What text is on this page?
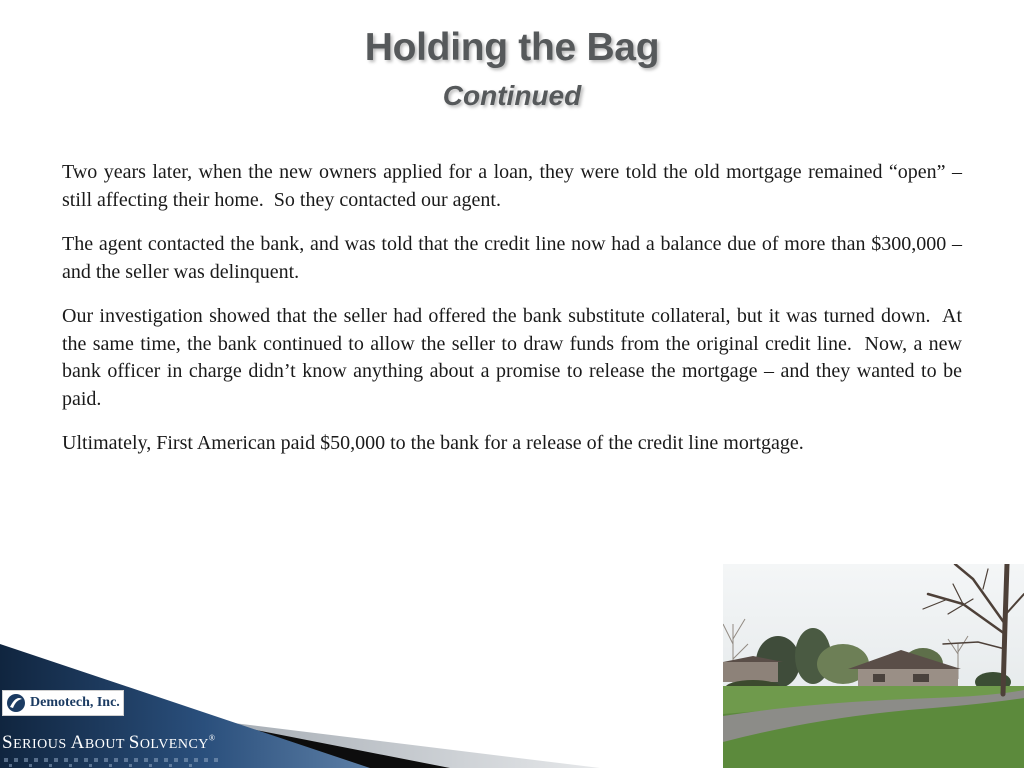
Holding the Bag
Continued

Two years later, when the new owners applied for a loan, they were told the old mortgage remained “open” – still affecting their home.  So they contacted our agent.

The agent contacted the bank, and was told that the credit line now had a balance due of more than $300,000 – and the seller was delinquent.

Our investigation showed that the seller had offered the bank substitute collateral, but it was turned down.  At the same time, the bank continued to allow the seller to draw funds from the original credit line.  Now, a new bank officer in charge didn’t know anything about a promise to release the mortgage – and they wanted to be paid.

Ultimately, First American paid $50,000 to the bank for a release of the credit line mortgage.

Demotech, Inc.
SERIOUS ABOUT SOLVENCY®
